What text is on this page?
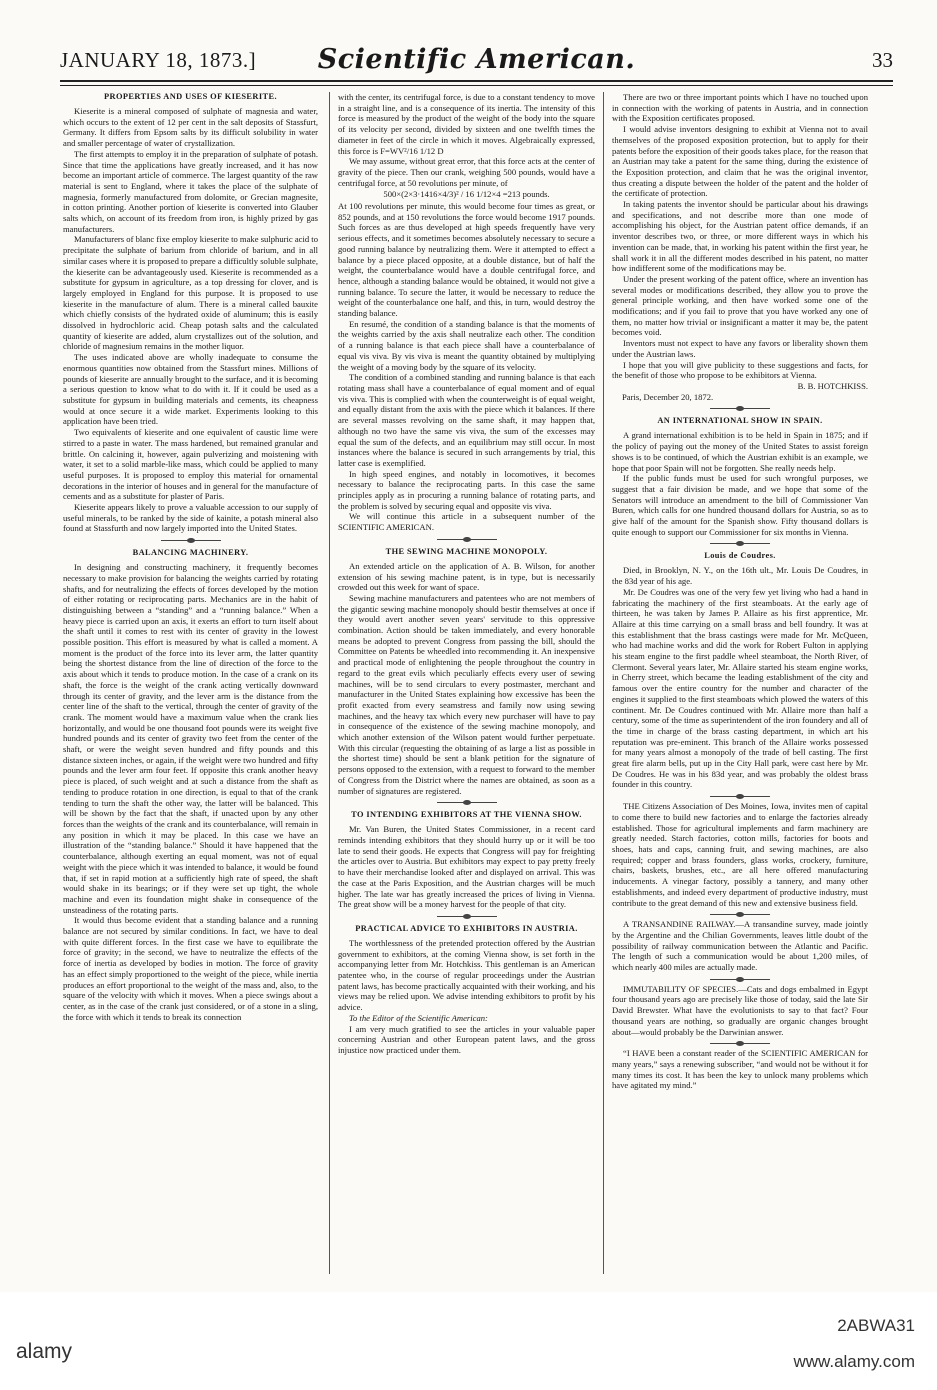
JANUARY 18, 1873.]	Scientific American.	33
PROPERTIES AND USES OF KIESERITE.

Kieserite is a mineral composed of sulphate of magnesia and water, which occurs to the extent of 12 per cent in the salt deposits of Stassfurt, Germany. It differs from Epsom salts by its difficult solubility in water and smaller percentage of water of crystallization.

The first attempts to employ it in the preparation of sulphate of potash. Since that time the applications have greatly increased, and it has now become an important article of commerce. The largest quantity of the raw material is sent to England, where it takes the place of the sulphate of magnesia, formerly manufactured from dolomite, or Grecian magnesite, in cotton printing. Another portion of kieserite is converted into Glauber salts which, on account of its freedom from iron, is highly prized by gas manufacturers.

Manufacturers of blanc fixe employ kieserite to make sulphuric acid to precipitate the sulphate of barium from chloride of barium, and in all similar cases where it is proposed to prepare a difficultly soluble sulphate, the kieserite can be advantageously used. Kieserite is recommended as a substitute for gypsum in agriculture, as a top dressing for clover, and is largely employed in England for this purpose. It is proposed to use kieserite in the manufacture of alum. There is a mineral called bauxite which chiefly consists of the hydrated oxide of aluminum; this is easily dissolved in hydrochloric acid. Cheap potash salts and the calculated quantity of kieserite are added, alum crystallizes out of the solution, and chloride of magnesium remains in the mother liquor.

The uses indicated above are wholly inadequate to consume the enormous quantities now obtained from the Stassfurt mines. Millions of pounds of kieserite are annually brought to the surface, and it is becoming a serious question to know what to do with it. If it could be used as a substitute for gypsum in building materials and cements, its cheapness would at once secure it a wide market. Experiments looking to this application have been tried.

Two equivalents of kieserite and one equivalent of caustic lime were stirred to a paste in water. The mass hardened, but remained granular and brittle. On calcining it, however, again pulverizing and moistening with water, it set to a solid marble-like mass, which could be applied to many useful purposes. It is proposed to employ this material for ornamental decorations in the interior of houses and in general for the manufacture of cements and as a substitute for plaster of Paris.

Kieserite appears likely to prove a valuable accession to our supply of useful minerals, to be ranked by the side of kainite, a potash mineral also found at Stassfurth and now largely imported into the United States.

BALANCING MACHINERY.

In designing and constructing machinery, it frequently becomes necessary to make provision for balancing the weights carried by rotating shafts, and for neutralizing the effects of forces developed by the motion of either rotating or reciprocating parts. Mechanics are in the habit of distinguishing between a “standing” and a “running balance.” When a heavy piece is carried upon an axis, it exerts an effort to turn itself about the shaft until it comes to rest with its center of gravity in the lowest possible position. This effort is measured by what is called a moment. A moment is the product of the force into its lever arm, the latter quantity being the shortest distance from the line of direction of the force to the axis about which it tends to produce motion. In the case of a crank on its shaft, the force is the weight of the crank acting vertically downward through its center of gravity, and the lever arm is the distance from the center line of the shaft to the vertical, through the center of gravity of the crank. The moment would have a maximum value when the crank lies horizontally, and would be one thousand foot pounds were its weight five hundred pounds and its center of gravity two feet from the center of the shaft, or were the weight seven hundred and fifty pounds and this distance sixteen inches, or again, if the weight were two hundred and fifty pounds and the lever arm four feet. If opposite this crank another heavy piece is placed, of such weight and at such a distance from the shaft as tending to produce rotation in one direction, is equal to that of the crank tending to turn the shaft the other way, the latter will be balanced. This will be shown by the fact that the shaft, if unacted upon by any other forces than the weights of the crank and its counterbalance, will remain in any position in which it may be placed. In this case we have an illustration of the “standing balance.” Should it have happened that the counterbalance, although exerting an equal moment, was not of equal weight with the piece which it was intended to balance, it would be found that, if set in rapid motion at a sufficiently high rate of speed, the shaft would shake in its bearings; or if they were set up tight, the whole machine and even its foundation might shake in consequence of the unsteadiness of the rotating parts.

It would thus become evident that a standing balance and a running balance are not secured by similar conditions. In fact, we have to deal with quite different forces. In the first case we have to equilibrate the force of gravity; in the second, we have to neutralize the effects of the force of inertia as developed by bodies in motion. The force of gravity has an effect simply proportioned to the weight of the piece, while inertia produces an effort proportional to the weight of the mass and, also, to the square of the velocity with which it moves. When a piece swings about a center, as in the case of the crank just considered, or of a stone in a sling, the force with which it tends to break its connection

with the center, its centrifugal force, is due to a constant tendency to move in a straight line, and is a consequence of its inertia. The intensity of this force is measured by the product of the weight of the body into the square of its velocity per second, divided by sixteen and one twelfth times the diameter in feet of the circle in which it moves. Algebraically expressed, this force is F=WV²/16 1/12 D

We may assume, without great error, that this force acts at the center of gravity of the piece. Then our crank, weighing 500 pounds, would have a centrifugal force, at 50 revolutions per minute, of

500×(2×3·1416×4/3)² / 16 1/12×4 =213 pounds.

At 100 revolutions per minute, this would become four times as great, or 852 pounds, and at 150 revolutions the force would become 1917 pounds. Such forces as are thus developed at high speeds frequently have very serious effects, and it sometimes becomes absolutely necessary to secure a good running balance by neutralizing them. Were it attempted to effect a balance by a piece placed opposite, at a double distance, but of half the weight, the counterbalance would have a double centrifugal force, and hence, although a standing balance would be obtained, it would not give a running balance. To secure the latter, it would be necessary to reduce the weight of the counterbalance one half, and this, in turn, would destroy the standing balance.

En resumé, the condition of a standing balance is that the moments of the weights carried by the axis shall neutralize each other. The condition of a running balance is that each piece shall have a counterbalance of equal vis viva. By vis viva is meant the quantity obtained by multiplying the weight of a moving body by the square of its velocity.

The condition of a combined standing and running balance is that each rotating mass shall have a counterbalance of equal moment and of equal vis viva. This is complied with when the counterweight is of equal weight, and equally distant from the axis with the piece which it balances. If there are several masses revolving on the same shaft, it may happen that, although no two have the same vis viva, the sum of the excesses may equal the sum of the defects, and an equilibrium may still occur. In most instances where the balance is secured in such arrangements by trial, this latter case is exemplified.

In high speed engines, and notably in locomotives, it becomes necessary to balance the reciprocating parts. In this case the same principles apply as in procuring a running balance of rotating parts, and the problem is solved by securing equal and opposite vis viva.

We will continue this article in a subsequent number of the SCIENTIFIC AMERICAN.

THE SEWING MACHINE MONOPOLY.

An extended article on the application of A. B. Wilson, for another extension of his sewing machine patent, is in type, but is necessarily crowded out this week for want of space.

Sewing machine manufacturers and patentees who are not members of the gigantic sewing machine monopoly should bestir themselves at once if they would avert another seven years' servitude to this oppressive combination. Action should be taken immediately, and every honorable means be adopted to prevent Congress from passing the bill, should the Committee on Patents be wheedled into recommending it. An inexpensive and practical mode of enlightening the people throughout the country in regard to the great evils which peculiarly effects every user of sewing machines, will be to send circulars to every postmaster, merchant and manufacturer in the United States explaining how excessive has been the profit exacted from every seamstress and family now using sewing machines, and the heavy tax which every new purchaser will have to pay in consequence of the existence of the sewing machine monopoly, and which another extension of the Wilson patent would further perpetuate. With this circular (requesting the obtaining of as large a list as possible in the shortest time) should be sent a blank petition for the signature of persons opposed to the extension, with a request to forward to the member of Congress from the District where the names are obtained, as soon as a number of signatures are registered.

TO INTENDING EXHIBITORS AT THE VIENNA SHOW.

Mr. Van Buren, the United States Commissioner, in a recent card reminds intending exhibitors that they should hurry up or it will be too late to send their goods. He expects that Congress will pay for freighting the articles over to Austria. But exhibitors may expect to pay pretty freely to have their merchandise looked after and displayed on arrival. This was the case at the Paris Exposition, and the Austrian charges will be much higher. The late war has greatly increased the prices of living in Vienna. The great show will be a money harvest for the people of that city.

PRACTICAL ADVICE TO EXHIBITORS IN AUSTRIA.

The worthlessness of the pretended protection offered by the Austrian government to exhibitors, at the coming Vienna show, is set forth in the accompanying letter from Mr. Hotchkiss. This gentleman is an American patentee who, in the course of regular proceedings under the Austrian patent laws, has become practically acquainted with their working, and his views may be relied upon. We advise intending exhibitors to profit by his advice.

To the Editor of the Scientific American:

I am very much gratified to see the articles in your valuable paper concerning Austrian and other European patent laws, and the gross injustice now practiced under them.

There are two or three important points which I have no touched upon in connection with the working of patents in Austria, and in connection with the Exposition certificates proposed.

I would advise inventors designing to exhibit at Vienna not to avail themselves of the proposed exposition protection, but to apply for their patents before the exposition of their goods takes place, for the reason that an Austrian may take a patent for the same thing, during the existence of the Exposition protection, and claim that he was the original inventor, thus creating a dispute between the holder of the patent and the holder of the certificate of protection.

In taking patents the inventor should be particular about his drawings and specifications, and not describe more than one mode of accomplishing his object, for the Austrian patent office demands, if an inventor describes two, or three, or more different ways in which his invention can be made, that, in working his patent within the first year, he shall work it in all the different modes described in his patent, no matter how indifferent some of the modifications may be.

Under the present working of the patent office, where an invention has several modes or modifications described, they allow you to prove the general principle working, and then have worked some one of the modifications; and if you fail to prove that you have worked any one of them, no matter how trivial or insignificant a matter it may be, the patent becomes void.

Inventors must not expect to have any favors or liberality shown them under the Austrian laws.

I hope that you will give publicity to these suggestions and facts, for the benefit of those who propose to be exhibitors at Vienna.

B. B. HOTCHKISS.
Paris, December 20, 1872.
AN INTERNATIONAL SHOW IN SPAIN.

A grand international exhibition is to be held in Spain in 1875; and if the policy of paying out the money of the United States to assist foreign shows is to be continued, of which the Austrian exhibit is an example, we hope that poor Spain will not be forgotten. She really needs help.

If the public funds must be used for such wrongful purposes, we suggest that a fair division be made, and we hope that some of the Senators will introduce an amendment to the bill of Commissioner Van Buren, which calls for one hundred thousand dollars for Austria, so as to give half of the amount for the Spanish show. Fifty thousand dollars is quite enough to support our Commissioner for six months in Vienna.

Louis de Coudres.

Died, in Brooklyn, N. Y., on the 16th ult., Mr. Louis De Coudres, in the 83d year of his age.

Mr. De Coudres was one of the very few yet living who had a hand in fabricating the machinery of the first steamboats. At the early age of thirteen, he was taken by James P. Allaire as his first apprentice, Mr. Allaire at this time carrying on a small brass and bell foundry. It was at this establishment that the brass castings were made for Mr. McQueen, who had machine works and did the work for Robert Fulton in applying his steam engine to the first paddle wheel steamboat, the North River, of Clermont. Several years later, Mr. Allaire started his steam engine works, in Cherry street, which became the leading establishment of the city and famous over the entire country for the number and character of the engines it supplied to the first steamboats which plowed the waters of this continent. Mr. De Coudres continued with Mr. Allaire more than half a century, some of the time as superintendent of the iron foundery and all of the time in charge of the brass casting department, in which art his reputation was pre-eminent. This branch of the Allaire works possessed for many years almost a monopoly of the trade of bell casting. The first great fire alarm bells, put up in the City Hall park, were cast here by Mr. De Coudres. He was in his 83d year, and was probably the oldest brass founder in this country.

THE Citizens Association of Des Moines, Iowa, invites men of capital to come there to build new factories and to enlarge the factories already established. Those for agricultural implements and farm machinery are greatly needed. Starch factories, cotton mills, factories for boots and shoes, hats and caps, canning fruit, and sewing machines, are also required; copper and brass founders, glass works, crockery, furniture, chairs, baskets, brushes, etc., are all here offered manufacturing inducements. A vinegar factory, possibly a tannery, and many other establishments, and indeed every department of productive industry, must contribute to the great demand of this new and extensive business field.

A TRANSANDINE RAILWAY.—A transandine survey, made jointly by the Argentine and the Chilian Governments, leaves little doubt of the possibility of railway communication between the Atlantic and Pacific. The length of such a communication would be about 1,200 miles, of which nearly 400 miles are actually made.

IMMUTABILITY OF SPECIES.—Cats and dogs embalmed in Egypt four thousand years ago are precisely like those of today, said the late Sir David Brewster. What have the evolutionists to say to that fact? Four thousand years are nothing, so gradually are organic changes brought about—would probably be the Darwinian answer.

“I HAVE been a constant reader of the SCIENTIFIC AMERICAN for many years,” says a renewing subscriber, “and would not be without it for many times its cost. It has been the key to unlock many problems which have agitated my mind.”

alamy
2ABWA31
www.alamy.com
